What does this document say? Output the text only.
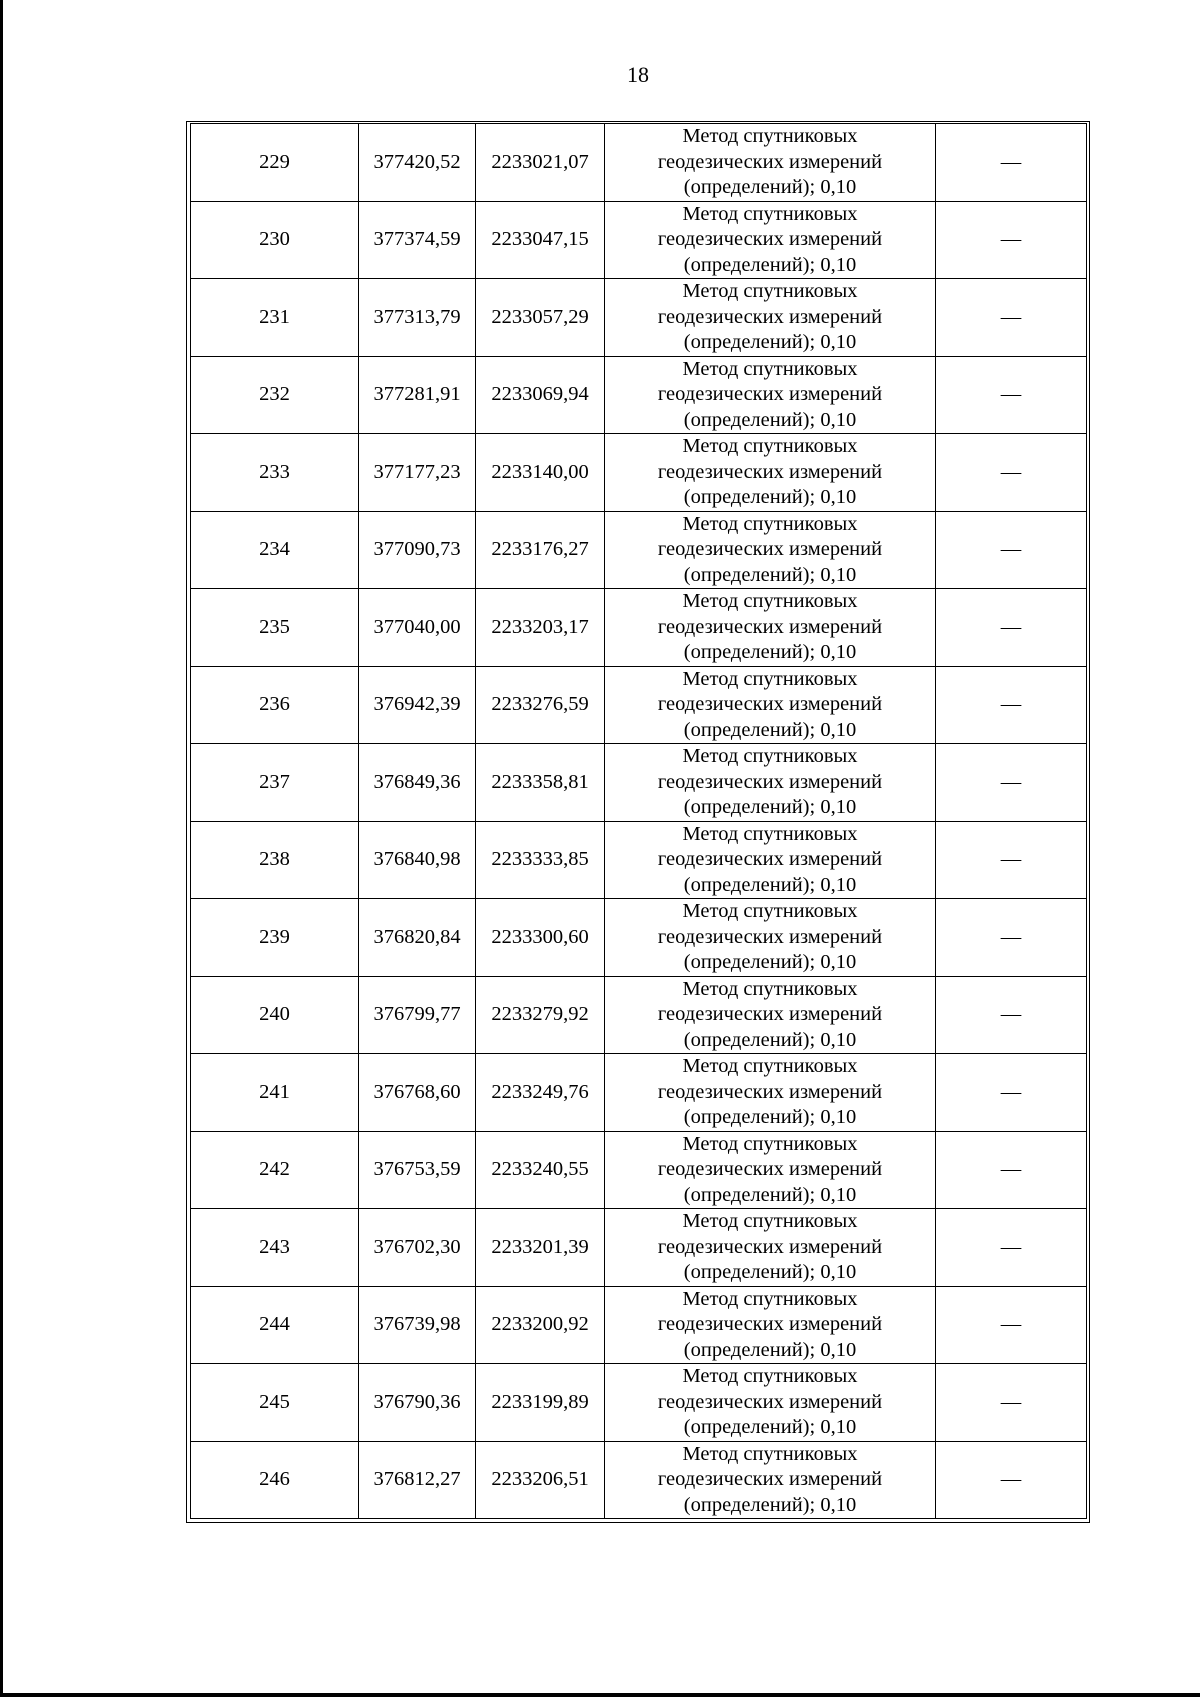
18
229	377420,52	2233021,07	Метод спутниковых
геодезических измерений
(определений); 0,10	—
230	377374,59	2233047,15	Метод спутниковых
геодезических измерений
(определений); 0,10	—
231	377313,79	2233057,29	Метод спутниковых
геодезических измерений
(определений); 0,10	—
232	377281,91	2233069,94	Метод спутниковых
геодезических измерений
(определений); 0,10	—
233	377177,23	2233140,00	Метод спутниковых
геодезических измерений
(определений); 0,10	—
234	377090,73	2233176,27	Метод спутниковых
геодезических измерений
(определений); 0,10	—
235	377040,00	2233203,17	Метод спутниковых
геодезических измерений
(определений); 0,10	—
236	376942,39	2233276,59	Метод спутниковых
геодезических измерений
(определений); 0,10	—
237	376849,36	2233358,81	Метод спутниковых
геодезических измерений
(определений); 0,10	—
238	376840,98	2233333,85	Метод спутниковых
геодезических измерений
(определений); 0,10	—
239	376820,84	2233300,60	Метод спутниковых
геодезических измерений
(определений); 0,10	—
240	376799,77	2233279,92	Метод спутниковых
геодезических измерений
(определений); 0,10	—
241	376768,60	2233249,76	Метод спутниковых
геодезических измерений
(определений); 0,10	—
242	376753,59	2233240,55	Метод спутниковых
геодезических измерений
(определений); 0,10	—
243	376702,30	2233201,39	Метод спутниковых
геодезических измерений
(определений); 0,10	—
244	376739,98	2233200,92	Метод спутниковых
геодезических измерений
(определений); 0,10	—
245	376790,36	2233199,89	Метод спутниковых
геодезических измерений
(определений); 0,10	—
246	376812,27	2233206,51	Метод спутниковых
геодезических измерений
(определений); 0,10	—
